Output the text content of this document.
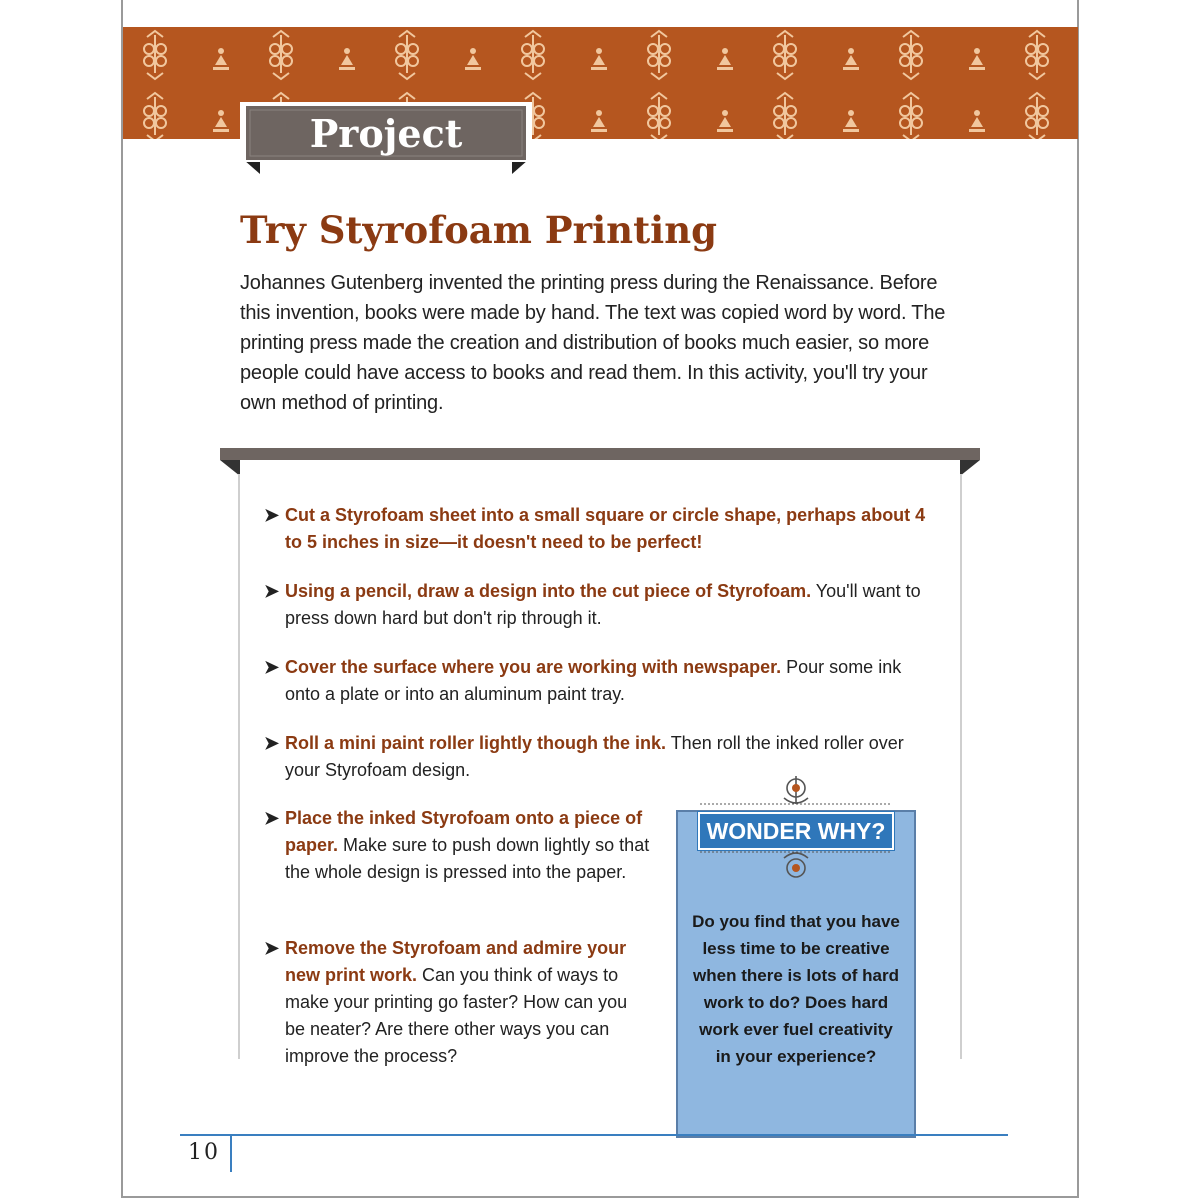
Project
Try Styrofoam Printing

Johannes Gutenberg invented the printing press during the Renaissance. Before this invention, books were made by hand. The text was copied word by word. The printing press made the creation and distribution of books much easier, so more people could have access to books and read them. In this activity, you'll try your own method of printing.

➤ Cut a Styrofoam sheet into a small square or circle shape, perhaps about 4 to 5 inches in size—it doesn't need to be perfect!
➤ Using a pencil, draw a design into the cut piece of Styrofoam. You'll want to press down hard but don't rip through it.
➤ Cover the surface where you are working with newspaper. Pour some ink onto a plate or into an aluminum paint tray.
➤ Roll a mini paint roller lightly though the ink. Then roll the inked roller over your Styrofoam design.
➤ Place the inked Styrofoam onto a piece of paper. Make sure to push down lightly so that the whole design is pressed into the paper.
➤ Remove the Styrofoam and admire your new print work. Can you think of ways to make your printing go faster? How can you be neater? Are there other ways you can improve the process?
WONDER WHY?

Do you find that you have less time to be creative when there is lots of hard work to do? Does hard work ever fuel creativity in your experience?

10
